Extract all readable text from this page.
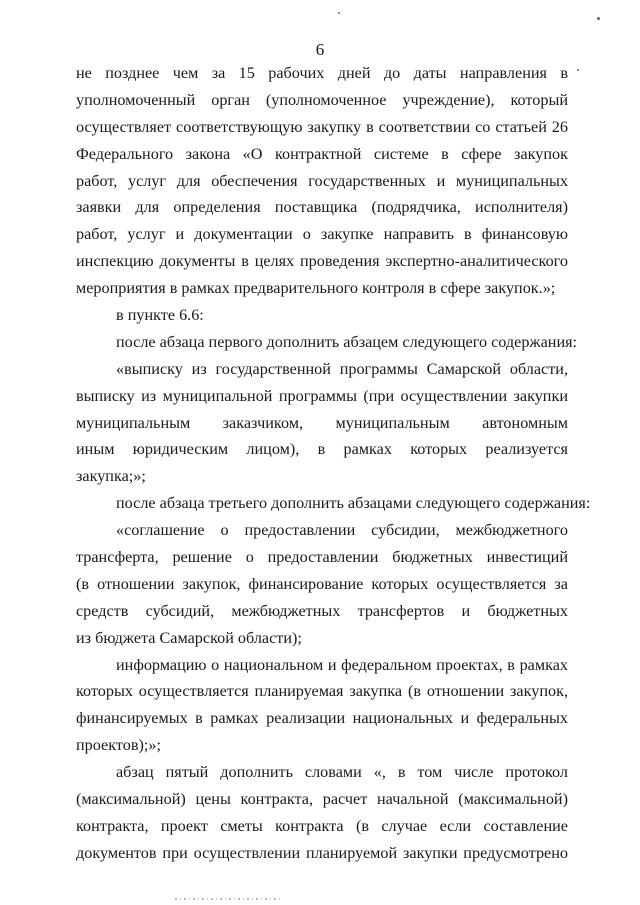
6
не позднее чем за 15 рабочих дней до даты направления в
уполномоченный орган (уполномоченное учреждение), который
осуществляет соответствующую закупку в соответствии со статьей 26
Федерального закона «О контрактной системе в сфере закупок
работ, услуг для обеспечения государственных и муниципальных
заявки для определения поставщика (подрядчика, исполнителя)
работ, услуг и документации о закупке направить в финансовую
инспекцию документы в целях проведения экспертно-аналитического
мероприятия в рамках предварительного контроля в сфере закупок.»;
в пункте 6.6:
после абзаца первого дополнить абзацем следующего содержания:
«выписку из государственной программы Самарской области,
выписку из муниципальной программы (при осуществлении закупки
муниципальным заказчиком, муниципальным автономным
иным юридическим лицом), в рамках которых реализуется
закупка;»;
после абзаца третьего дополнить абзацами следующего содержания:
«соглашение о предоставлении субсидии, межбюджетного
трансферта, решение о предоставлении бюджетных инвестиций
(в отношении закупок, финансирование которых осуществляется за
средств субсидий, межбюджетных трансфертов и бюджетных
из бюджета Самарской области);
информацию о национальном и федеральном проектах, в рамках
которых осуществляется планируемая закупка (в отношении закупок,
финансируемых в рамках реализации национальных и федеральных
проектов);»;
абзац пятый дополнить словами «, в том числе протокол
(максимальной) цены контракта, расчет начальной (максимальной)
контракта, проект сметы контракта (в случае если составление
документов при осуществлении планируемой закупки предусмотрено
